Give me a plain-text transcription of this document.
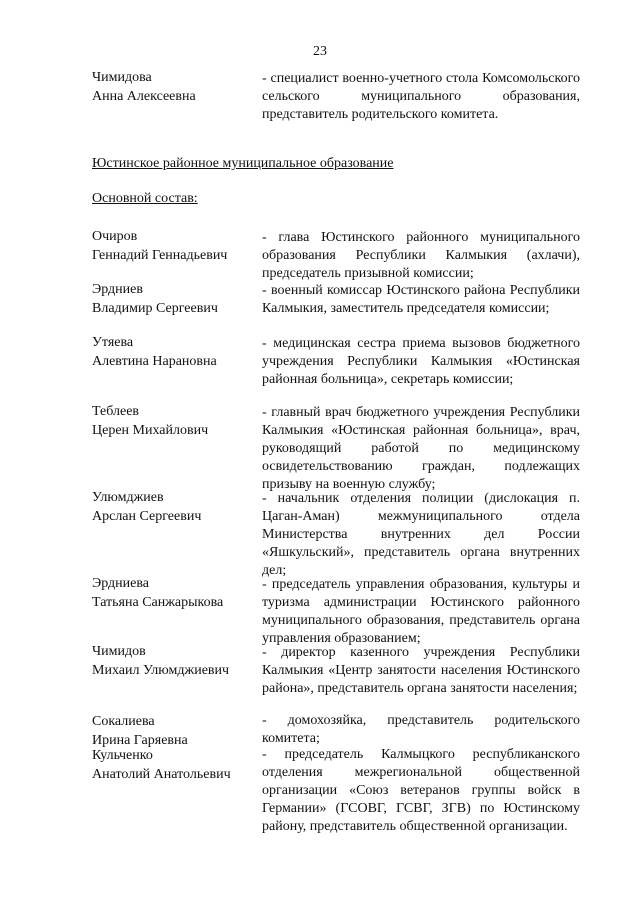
23
Чимидова
Анна Алексеевна
- специалист военно-учетного стола Комсомольского сельского муниципального образования, представитель родительского комитета.
Юстинское районное муниципальное образование
Основной состав:
Очиров
Геннадий Геннадьевич
- глава Юстинского районного муниципального образования Республики Калмыкия (ахлачи), председатель призывной комиссии;
Эрдниев
Владимир Сергеевич
- военный комиссар Юстинского района Республики Калмыкия, заместитель председателя комиссии;
Утяева
Алевтина Нарановна
- медицинская сестра приема вызовов бюджетного учреждения Республики Калмыкия «Юстинская районная больница», секретарь комиссии;
Теблеев
Церен Михайлович
- главный врач бюджетного учреждения Республики Калмыкия «Юстинская районная больница», врач, руководящий работой по медицинскому освидетельствованию граждан, подлежащих призыву на военную службу;
Улюмджиев
Арслан Сергеевич
- начальник отделения полиции (дислокация п. Цаган-Аман) межмуниципального отдела Министерства внутренних дел России «Яшкульский», представитель органа внутренних дел;
Эрдниева
Татьяна Санжарыкова
- председатель управления образования, культуры и туризма администрации Юстинского районного муниципального образования, представитель органа управления образованием;
Чимидов
Михаил Улюмджиевич
- директор казенного учреждения Республики Калмыкия «Центр занятости населения Юстинского района», представитель органа занятости населения;
Сокалиева
Ирина Гаряевна
- домохозяйка, представитель родительского комитета;
Кульченко
Анатолий Анатольевич
- председатель Калмыцкого республиканского отделения межрегиональной общественной организации «Союз ветеранов группы войск в Германии» (ГСОВГ, ГСВГ, ЗГВ) по Юстинскому району, представитель общественной организации.
